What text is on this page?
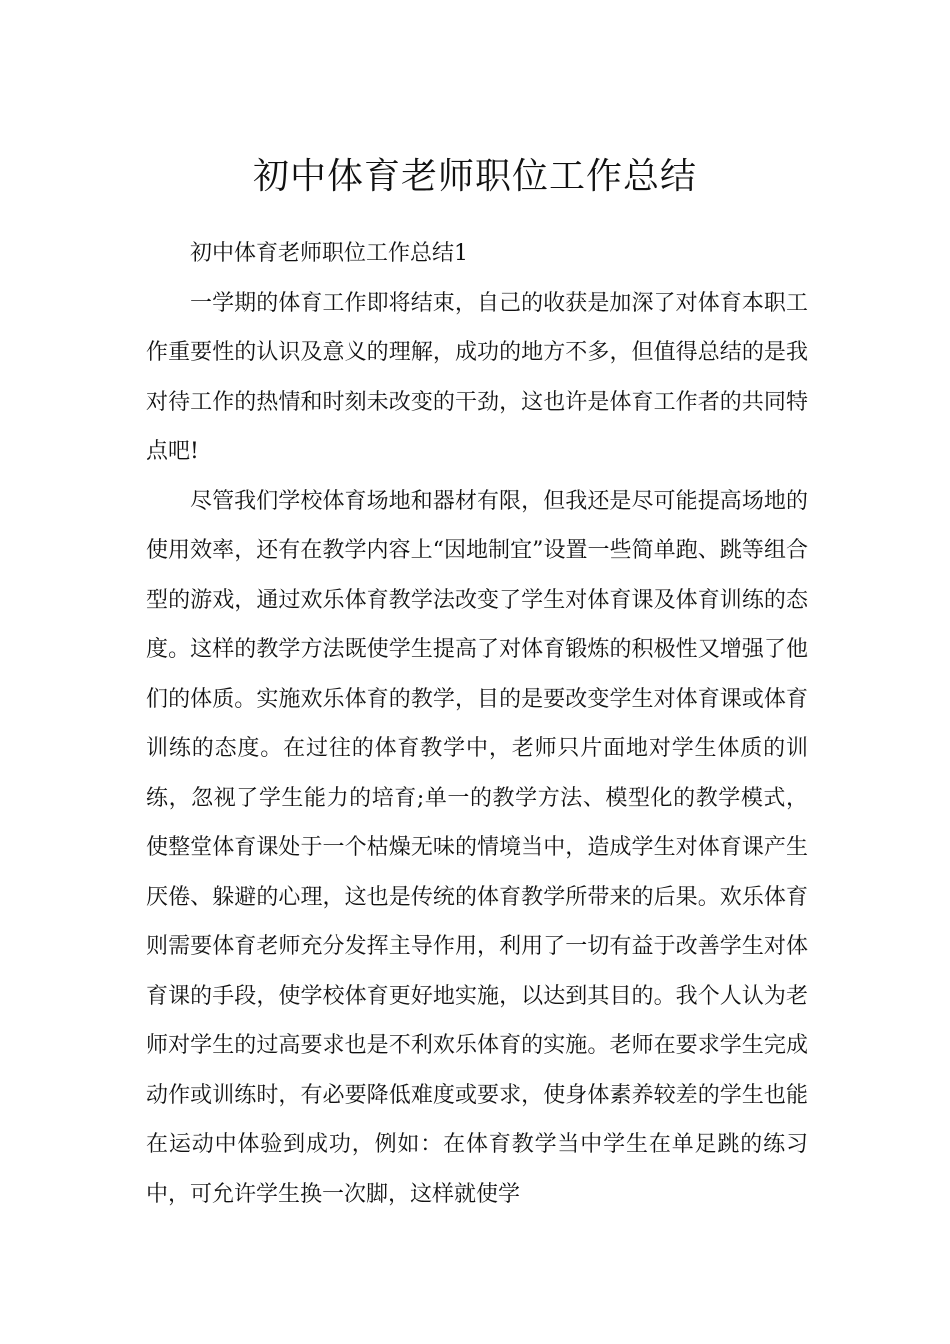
初中体育老师职位工作总结

初中体育老师职位工作总结1

一学期的体育工作即将结束，自己的收获是加深了对体育本职工作重要性的认识及意义的理解，成功的地方不多，但值得总结的是我对待工作的热情和时刻未改变的干劲，这也许是体育工作者的共同特点吧!

尽管我们学校体育场地和器材有限，但我还是尽可能提高场地的使用效率，还有在教学内容上“因地制宜”设置一些简单跑、跳等组合型的游戏，通过欢乐体育教学法改变了学生对体育课及体育训练的态度。这样的教学方法既使学生提高了对体育锻炼的积极性又增强了他们的体质。实施欢乐体育的教学，目的是要改变学生对体育课或体育训练的态度。在过往的体育教学中，老师只片面地对学生体质的训练，忽视了学生能力的培育;单一的教学方法、模型化的教学模式，使整堂体育课处于一个枯燥无味的情境当中，造成学生对体育课产生厌倦、躲避的心理，这也是传统的体育教学所带来的后果。欢乐体育则需要体育老师充分发挥主导作用，利用了一切有益于改善学生对体育课的手段，使学校体育更好地实施，以达到其目的。我个人认为老师对学生的过高要求也是不利欢乐体育的实施。老师在要求学生完成动作或训练时，有必要降低难度或要求，使身体素养较差的学生也能在运动中体验到成功，例如：在体育教学当中学生在单足跳的练习中，可允许学生换一次脚，这样就使学
